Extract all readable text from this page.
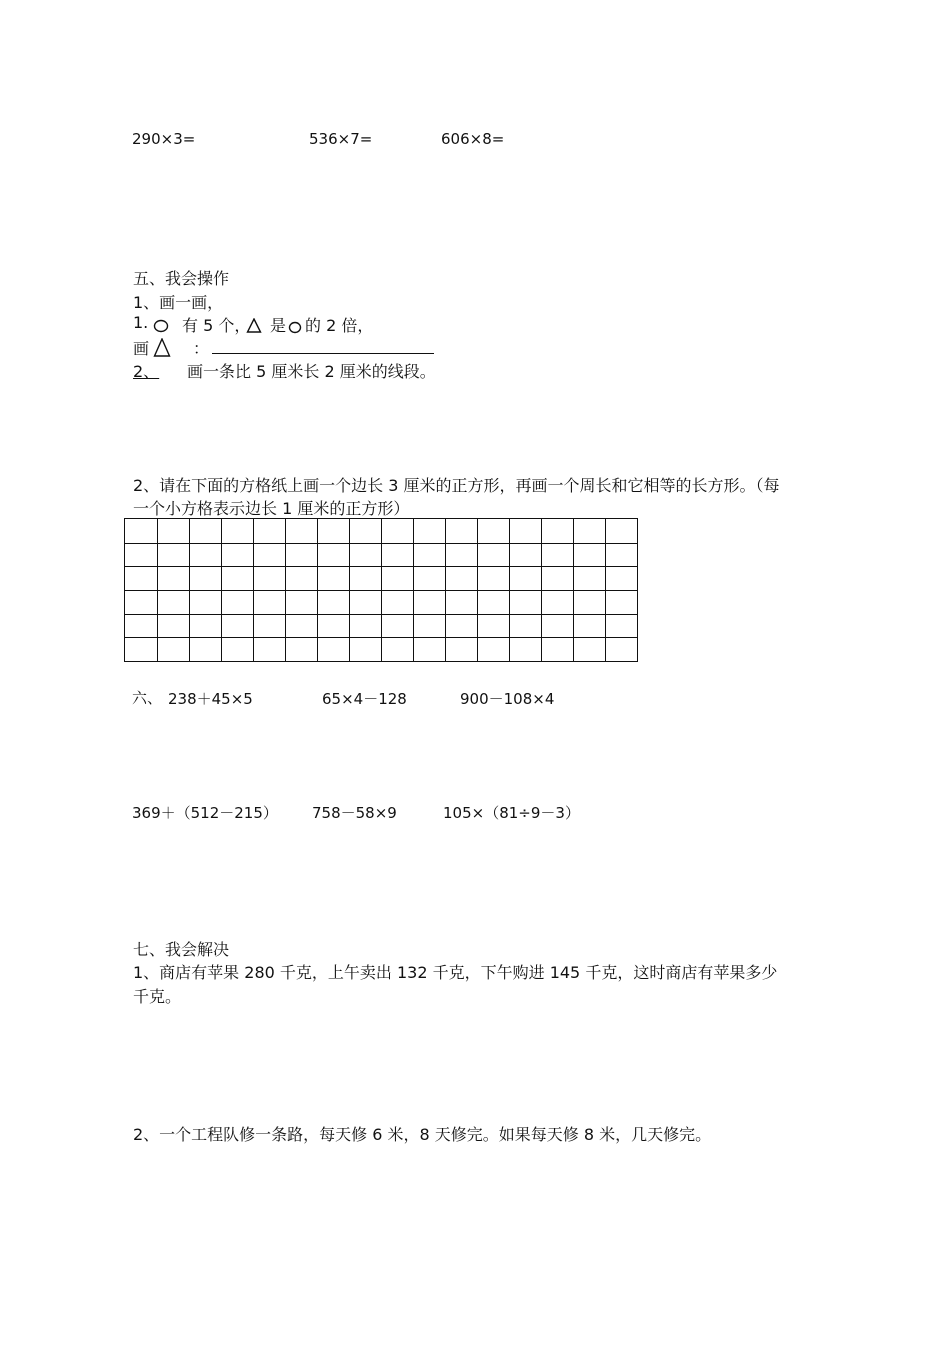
290×3=	536×7=	606×8=
五、我会操作
1、画一画，
1. 有 5 个， 是 的 2 倍，
画	：
2、 画一条比 5 厘米长 2 厘米的线段。
2、请在下面的方格纸上画一个边长 3 厘米的正方形，再画一个周长和它相等的长方形。（每
一个小方格表示边长 1 厘米的正方形）
六、 238＋45×5	65×4－128	900－108×4
369＋（512－215） 758－58×9	105×（81÷9－3）
七、我会解决
1、商店有苹果 280 千克，上午卖出 132 千克，下午购进 145 千克，这时商店有苹果多少
千克。
2、一个工程队修一条路，每天修 6 米，8 天修完。如果每天修 8 米，几天修完。
